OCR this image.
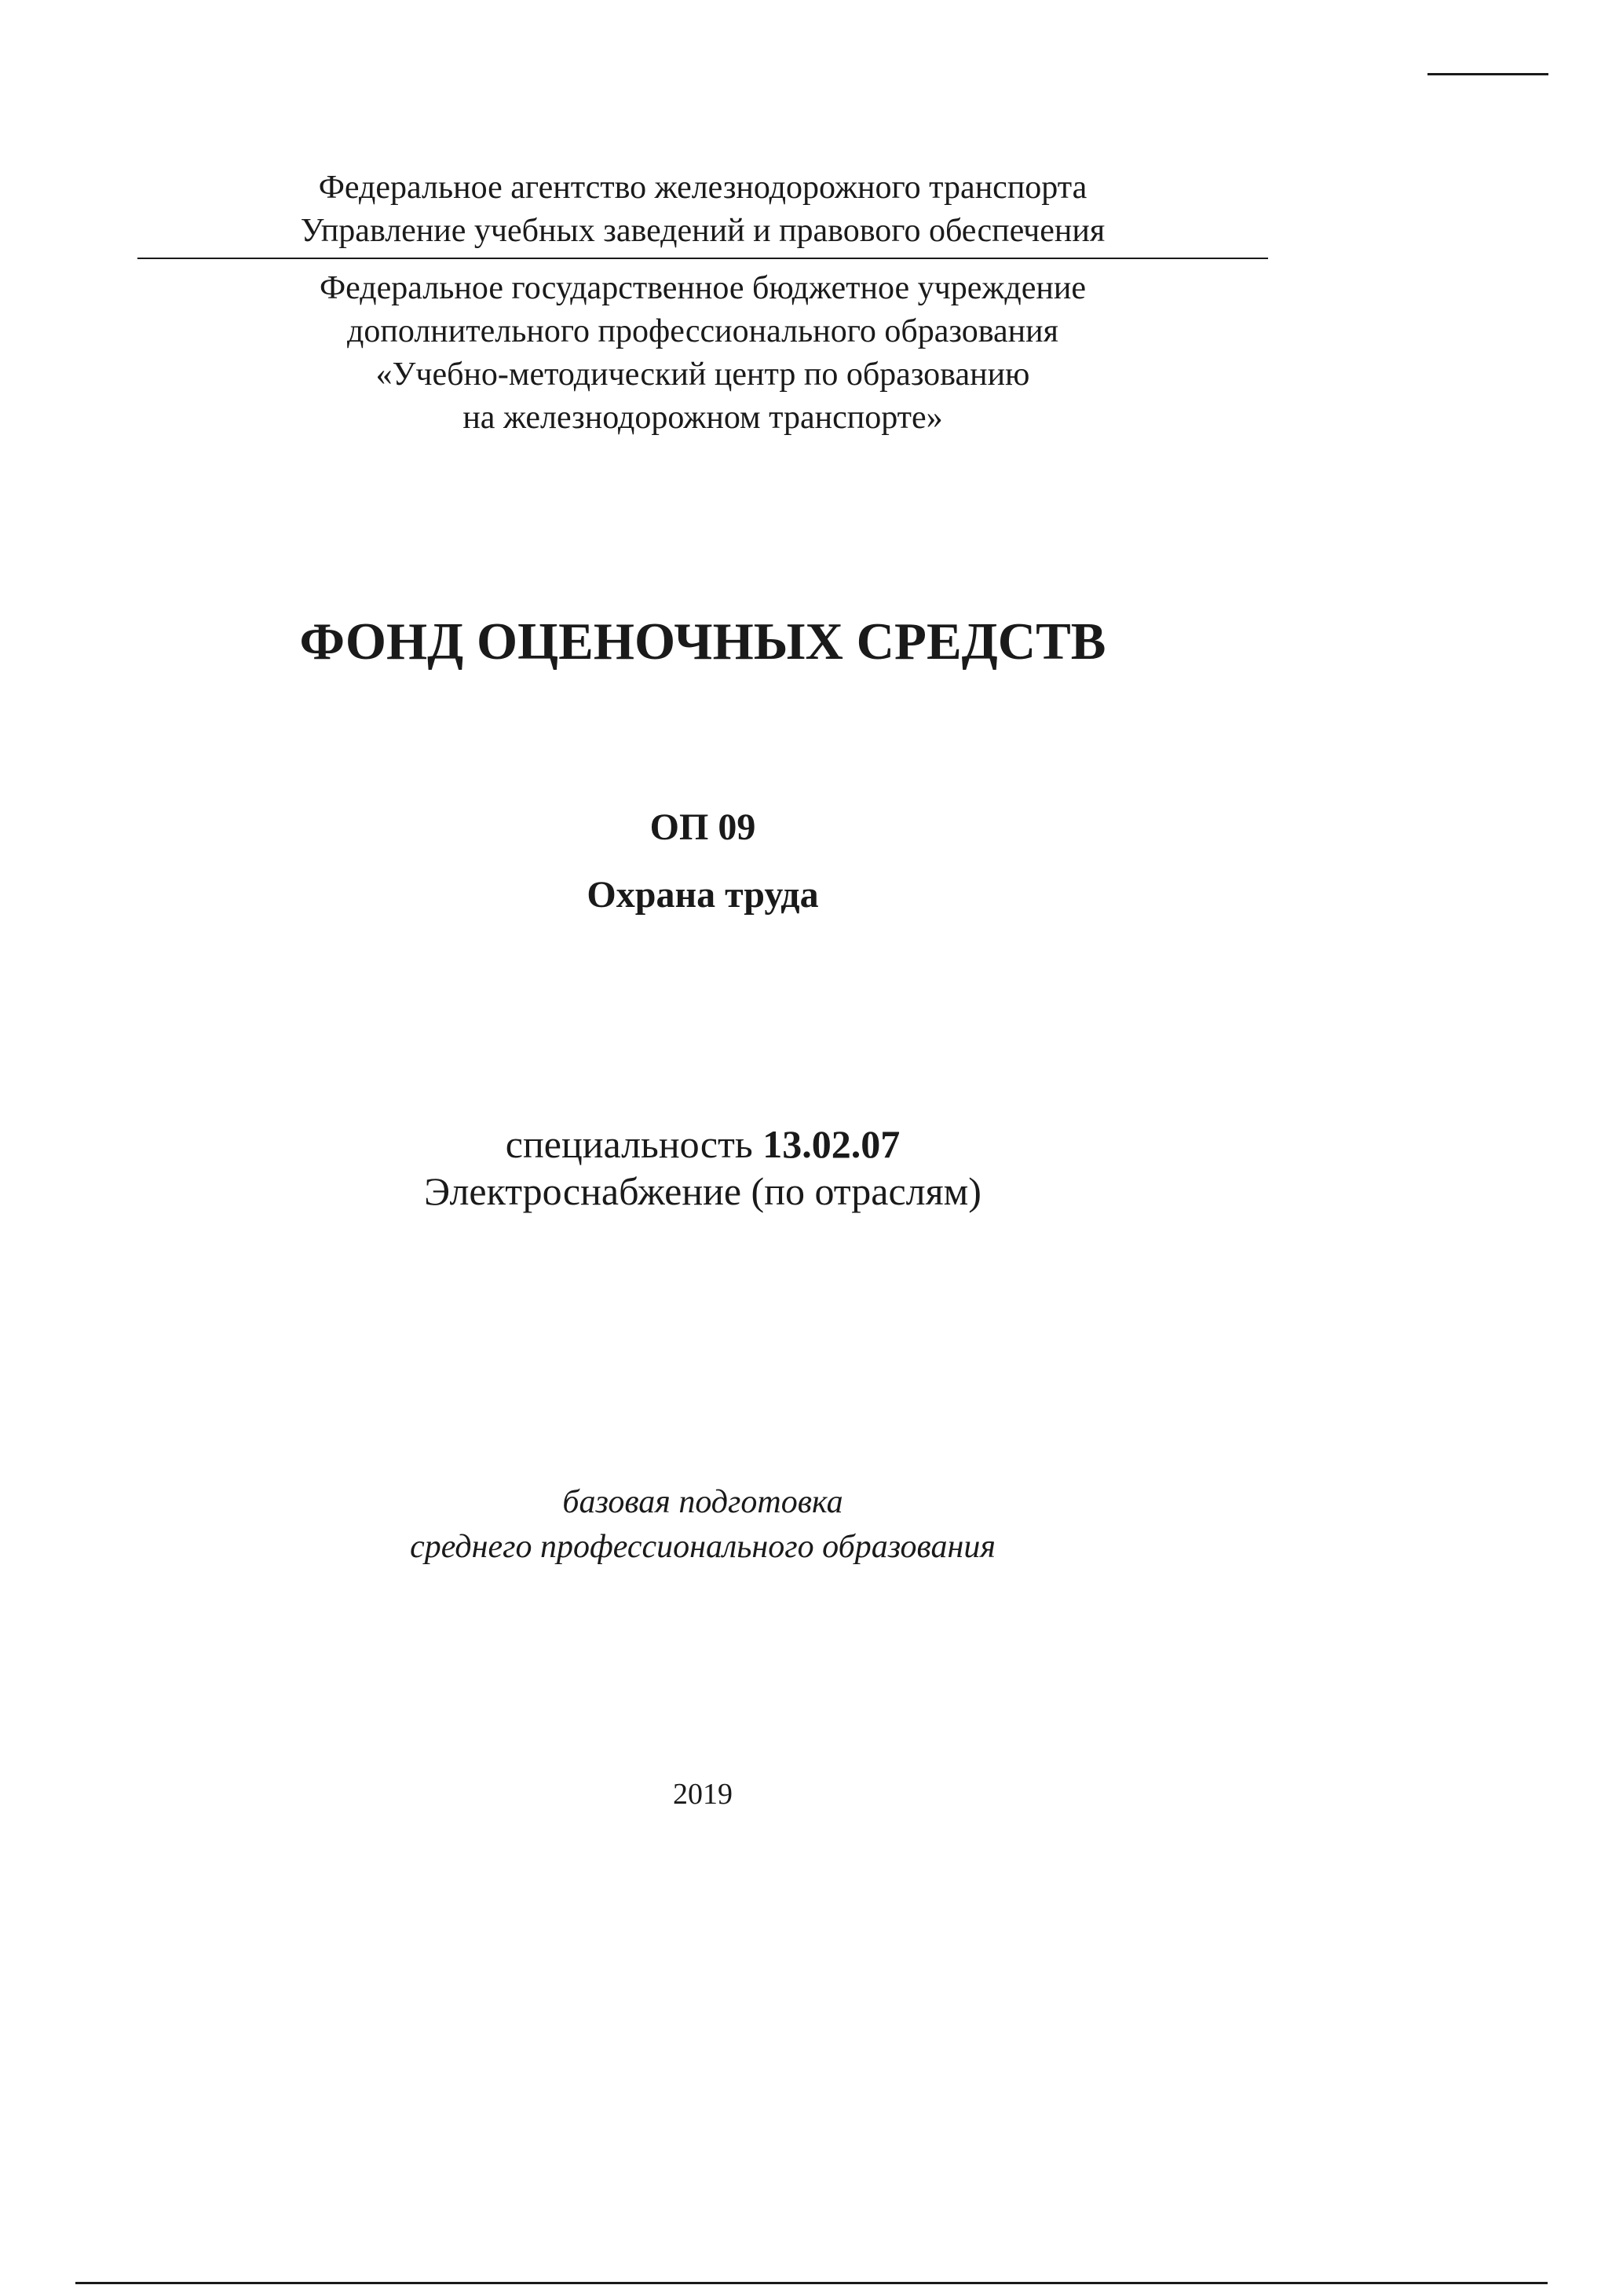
Федеральное агентство железнодорожного транспорта
Управление учебных заведений и правового обеспечения
Федеральное государственное бюджетное учреждение
дополнительного профессионального образования
«Учебно-методический центр по образованию
на железнодорожном транспорте»
ФОНД ОЦЕНОЧНЫХ СРЕДСТВ
ОП 09
Охрана труда
специальность 13.02.07
Электроснабжение (по отраслям)
базовая подготовка
среднего профессионального образования
2019
